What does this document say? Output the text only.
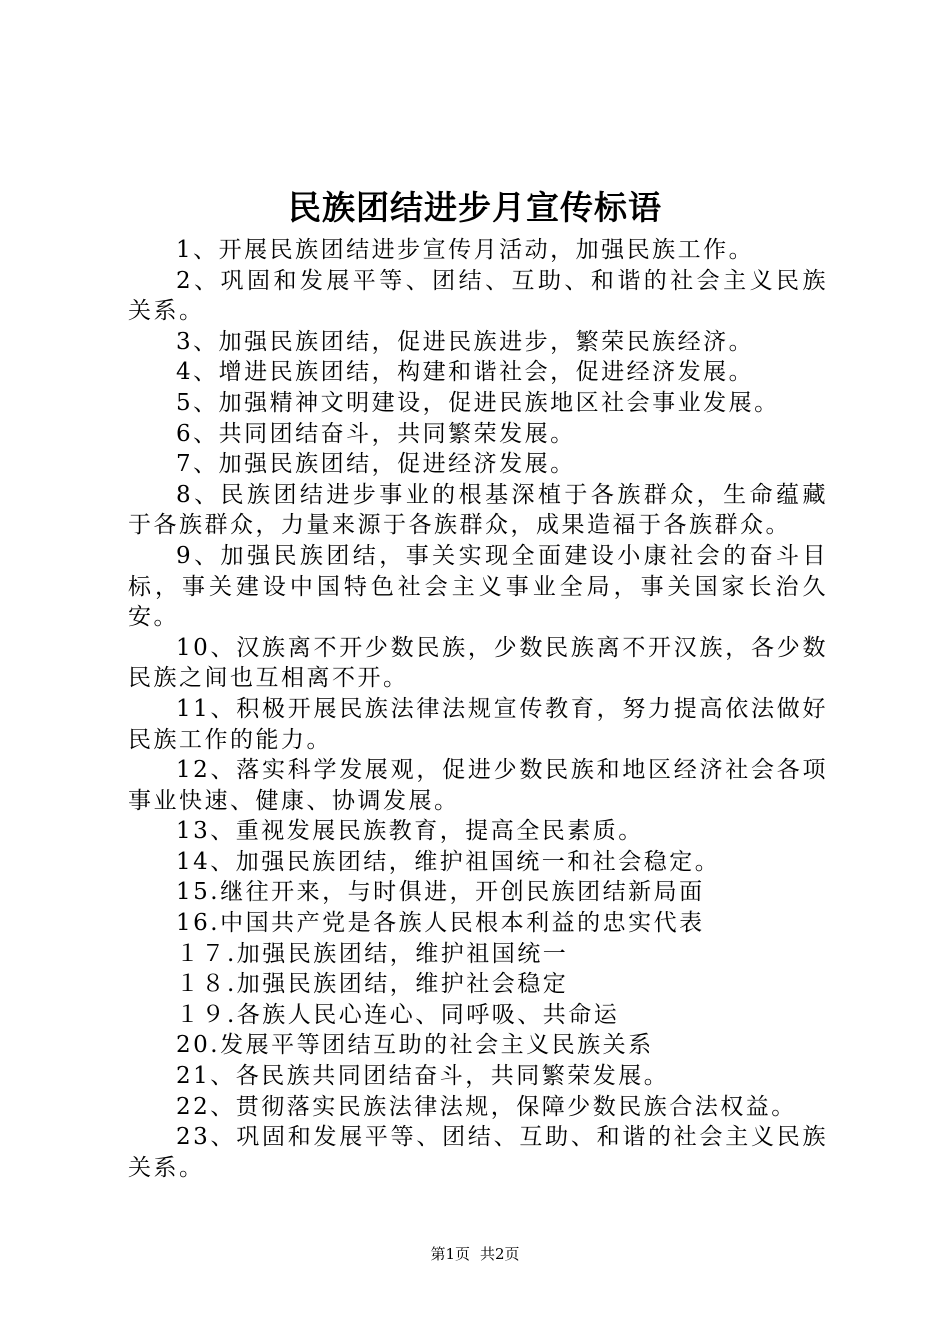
民族团结进步月宣传标语

1、开展民族团结进步宣传月活动，加强民族工作。

2、巩固和发展平等、团结、互助、和谐的社会主义民族关系。

3、加强民族团结，促进民族进步，繁荣民族经济。

4、增进民族团结，构建和谐社会，促进经济发展。

5、加强精神文明建设，促进民族地区社会事业发展。

6、共同团结奋斗，共同繁荣发展。

7、加强民族团结，促进经济发展。

8、民族团结进步事业的根基深植于各族群众，生命蕴藏于各族群众，力量来源于各族群众，成果造福于各族群众。

9、加强民族团结，事关实现全面建设小康社会的奋斗目标，事关建设中国特色社会主义事业全局，事关国家长治久安。

10、汉族离不开少数民族，少数民族离不开汉族，各少数民族之间也互相离不开。

11、积极开展民族法律法规宣传教育，努力提高依法做好民族工作的能力。

12、落实科学发展观，促进少数民族和地区经济社会各项事业快速、健康、协调发展。

13、重视发展民族教育，提高全民素质。

14、加强民族团结，维护祖国统一和社会稳定。

15.继往开来，与时俱进，开创民族团结新局面

16.中国共产党是各族人民根本利益的忠实代表

１７.加强民族团结，维护祖国统一

１８.加强民族团结，维护社会稳定

１９.各族人民心连心、同呼吸、共命运

20.发展平等团结互助的社会主义民族关系

21、各民族共同团结奋斗，共同繁荣发展。

22、贯彻落实民族法律法规，保障少数民族合法权益。

23、巩固和发展平等、团结、互助、和谐的社会主义民族关系。

第1页 共2页
